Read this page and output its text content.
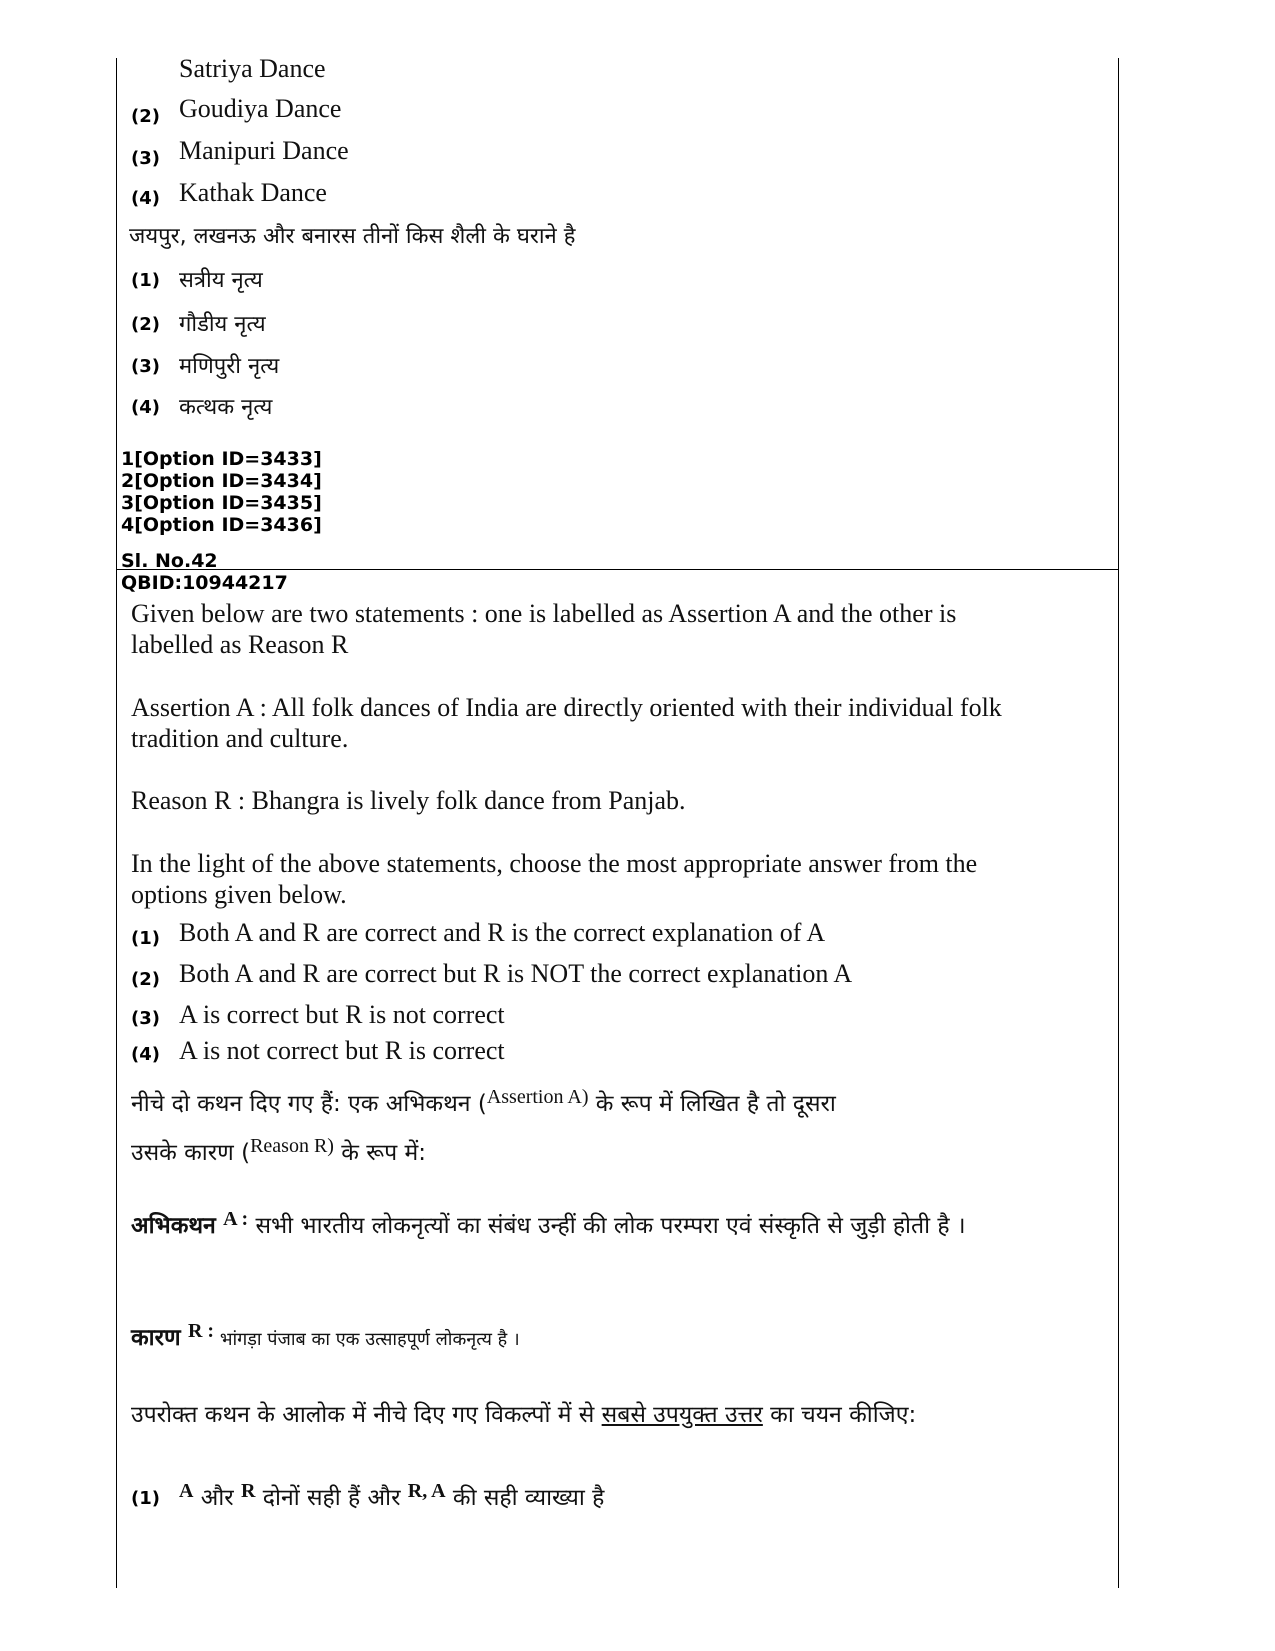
Satriya Dance
(2) Goudiya Dance
(3) Manipuri Dance
(4) Kathak Dance
जयपुर, लखनऊ और बनारस तीनों किस शैली के घराने है
(1) सत्रीय नृत्य
(2) गौडीय नृत्य
(3) मणिपुरी नृत्य
(4) कत्थक नृत्य
1[Option ID=3433]
2[Option ID=3434]
3[Option ID=3435]
4[Option ID=3436]
Sl. No.42
QBID:10944217
Given below are two statements : one is labelled as Assertion A and the other is labelled as Reason R
Assertion A : All folk dances of India are directly oriented with their individual folk tradition and culture.
Reason R : Bhangra is lively folk dance from Panjab.
In the light of the above statements, choose the most appropriate answer from the options given below.
(1) Both A and R are correct and R is the correct explanation of A
(2) Both A and R are correct but R is NOT the correct explanation A
(3) A is correct but R is not correct
(4) A is not correct but R is correct
नीचे दो कथन दिए गए हैं: एक अभिकथन (Assertion A) के रूप में लिखित है तो दूसरा
उसके कारण (Reason R) के रूप में:
अभिकथन A : सभी भारतीय लोकनृत्यों का संबंध उन्हीं की लोक परम्परा एवं संस्कृति से जुड़ी होती है ।
कारण R : भांगड़ा पंजाब का एक उत्साहपूर्ण लोकनृत्य है ।
उपरोक्त कथन के आलोक में नीचे दिए गए विकल्पों में से सबसे उपयुक्त उत्तर का चयन कीजिए:
(1) A और R दोनों सही हैं और R, A की सही व्याख्या है
